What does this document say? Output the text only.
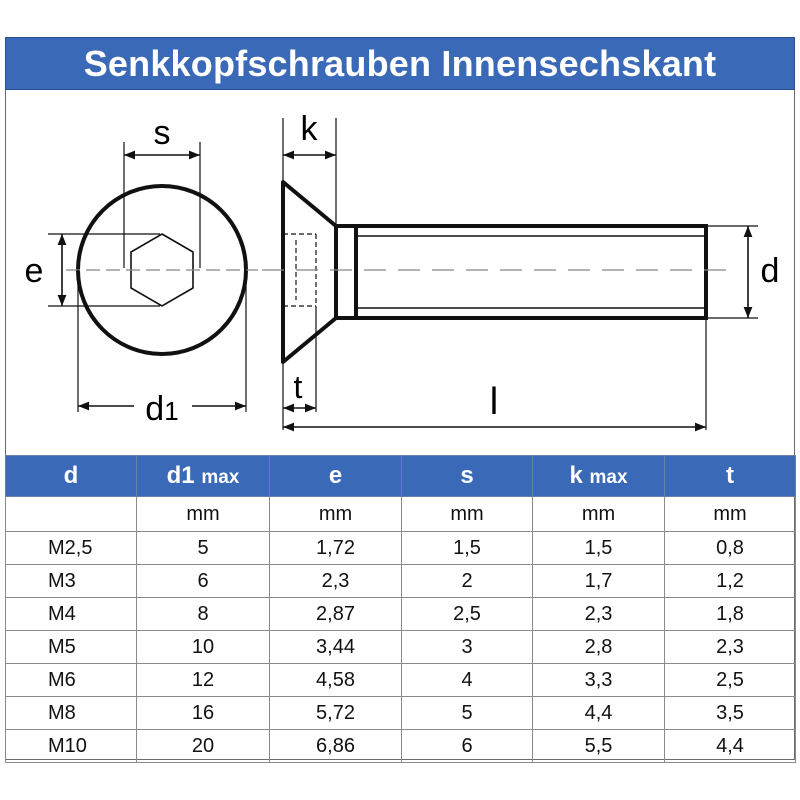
Senkkopfschrauben Innensechskant
s
e
d1
k
d
t	l
d	d1 max	e	s	k max	t
	mm	mm	mm	mm	mm
M2,5	5	1,72	1,5	1,5	0,8
M3	6	2,3	2	1,7	1,2
M4	8	2,87	2,5	2,3	1,8
M5	10	3,44	3	2,8	2,3
M6	12	4,58	4	3,3	2,5
M8	16	5,72	5	4,4	3,5
M10	20	6,86	6	5,5	4,4
